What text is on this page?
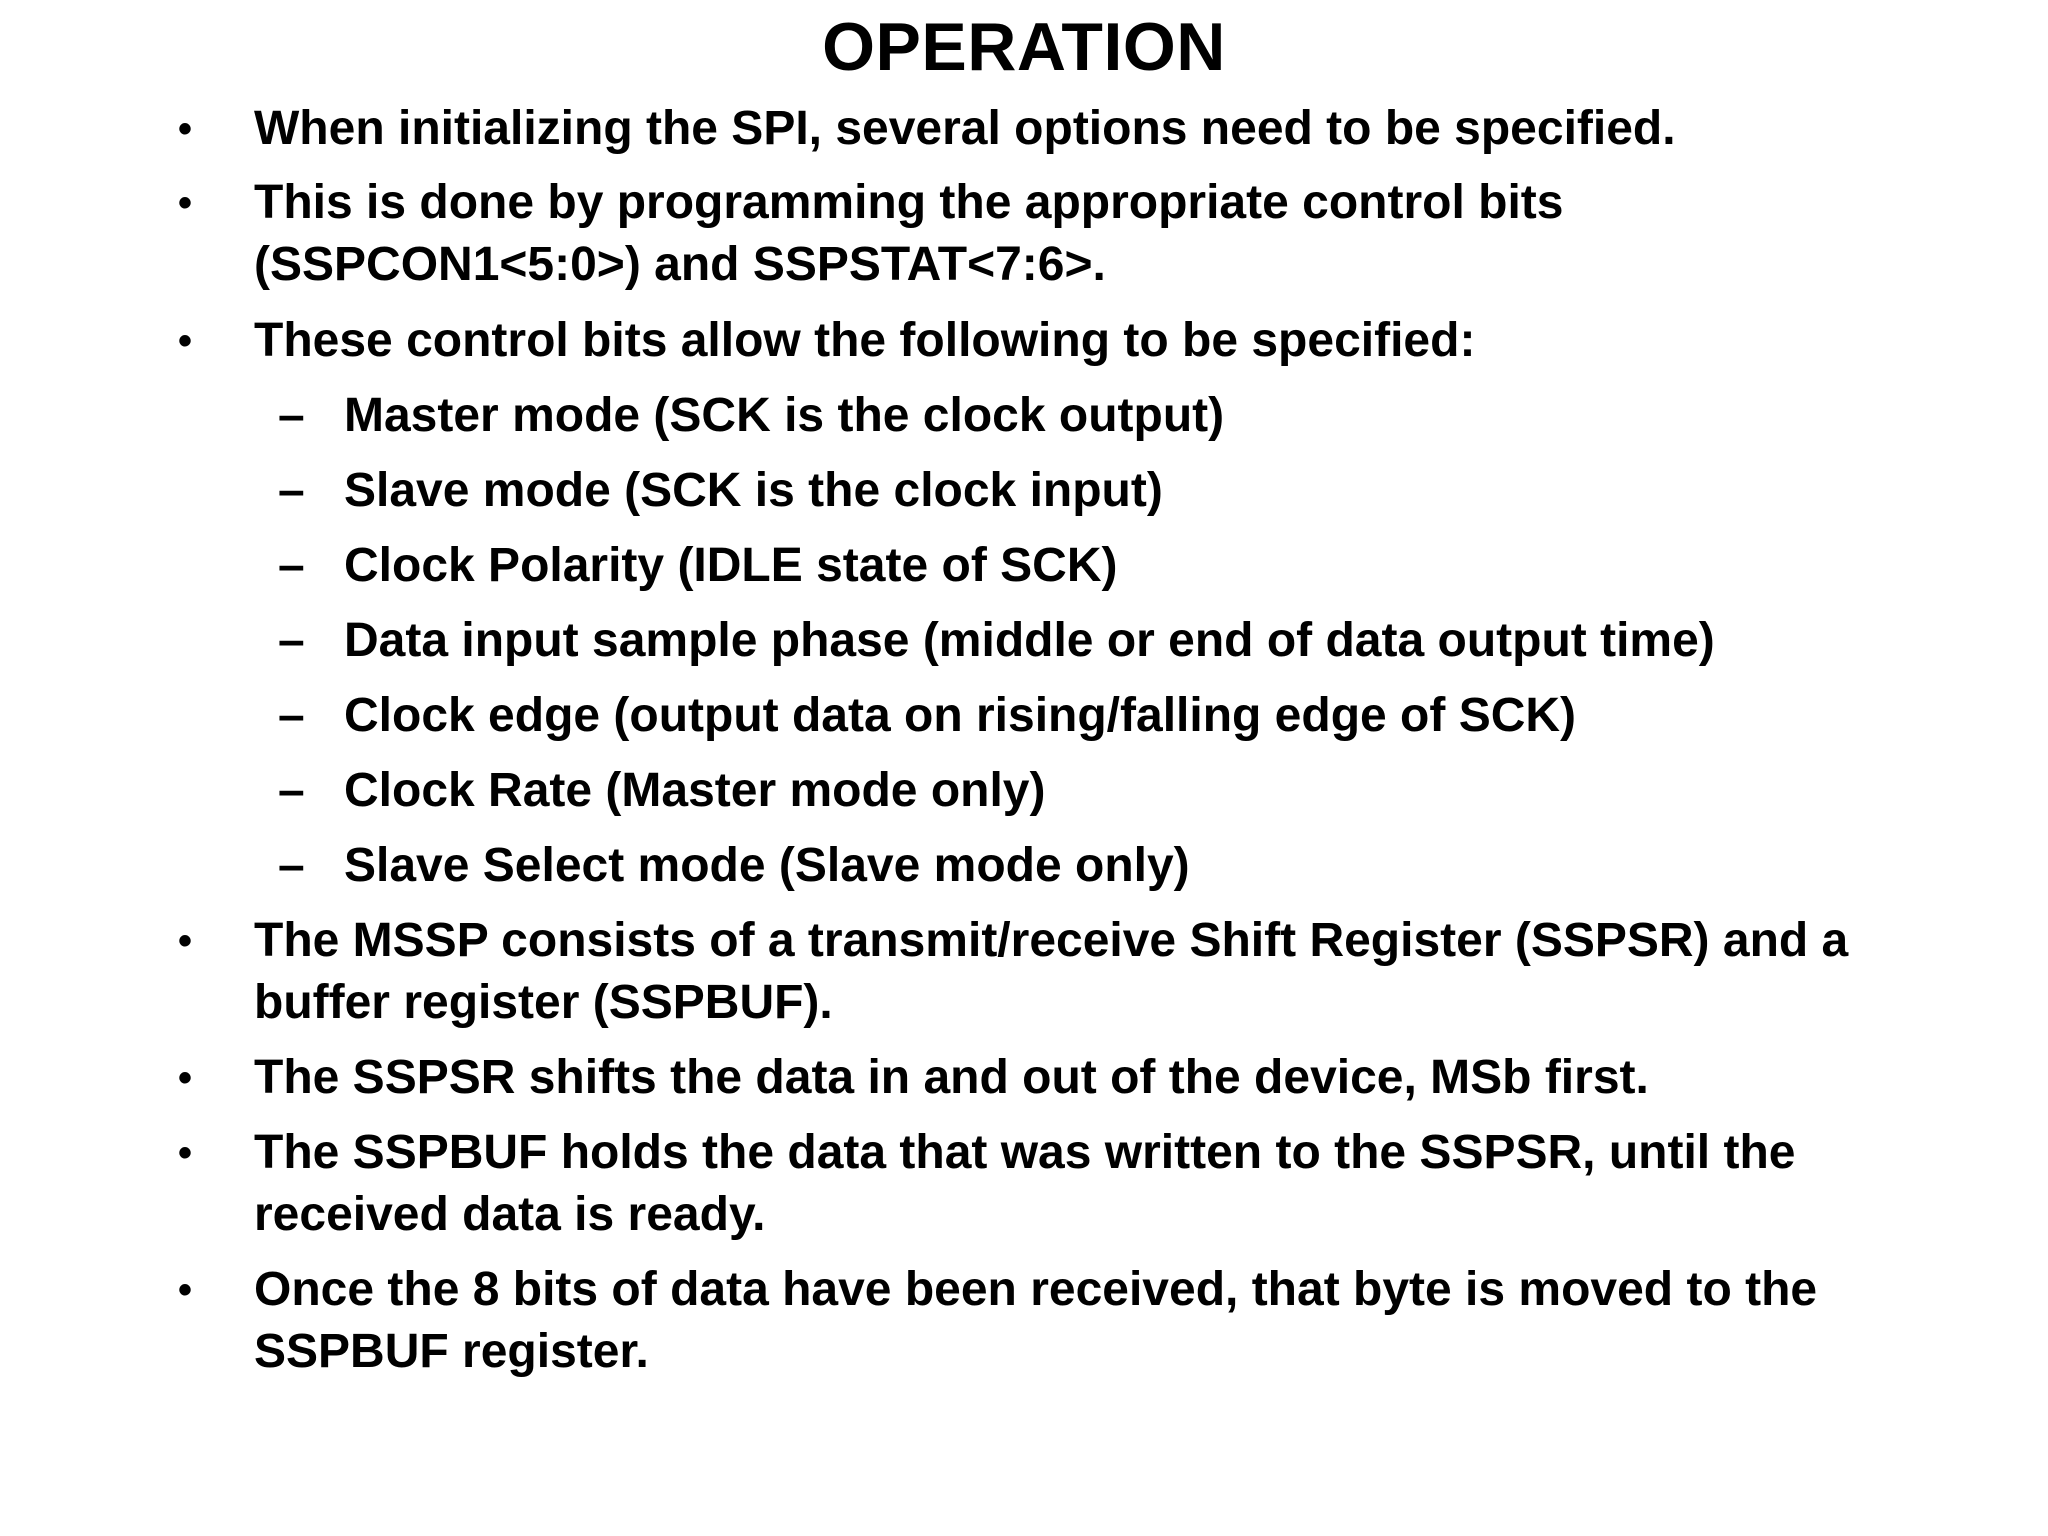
OPERATION
• When initializing the SPI, several options need to be specified.
• This is done by programming the appropriate control bits
(SSPCON1<5:0>) and SSPSTAT<7:6>.
• These control bits allow the following to be specified:
– Master mode (SCK is the clock output)
– Slave mode (SCK is the clock input)
– Clock Polarity (IDLE state of SCK)
– Data input sample phase (middle or end of data output time)
– Clock edge (output data on rising/falling edge of SCK)
– Clock Rate (Master mode only)
– Slave Select mode (Slave mode only)
• The MSSP consists of a transmit/receive Shift Register (SSPSR) and a
buffer register (SSPBUF).
• The SSPSR shifts the data in and out of the device, MSb first.
• The SSPBUF holds the data that was written to the SSPSR, until the
received data is ready.
• Once the 8 bits of data have been received, that byte is moved to the
SSPBUF register.
